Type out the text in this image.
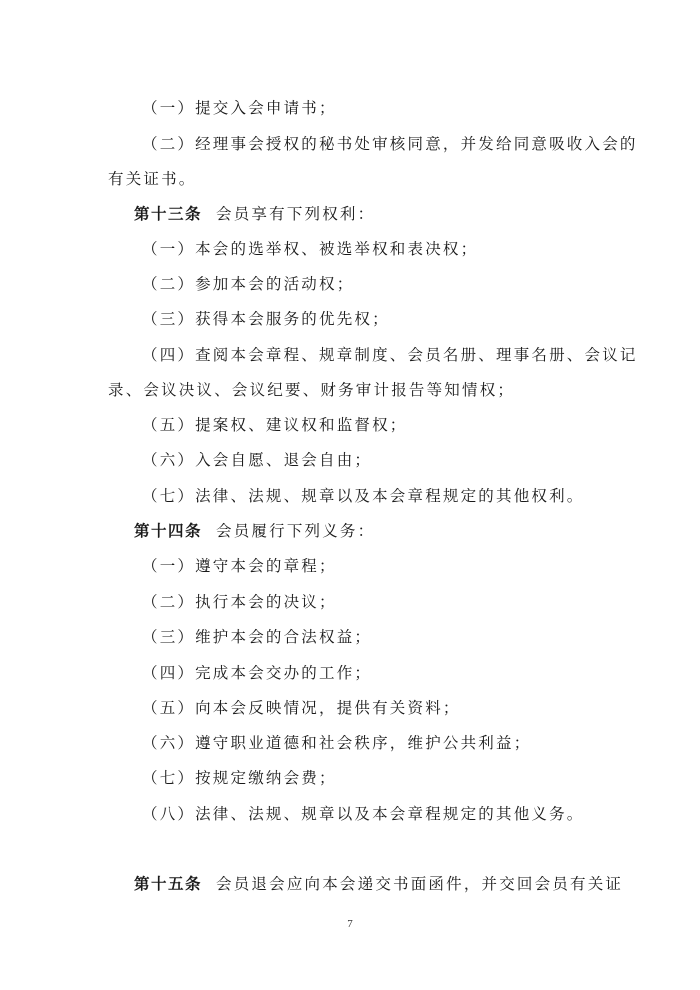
（一）提交入会申请书；
（二）经理事会授权的秘书处审核同意，并发给同意吸收入会的
有关证书。
第十三条 会员享有下列权利：
（一）本会的选举权、被选举权和表决权；
（二）参加本会的活动权；
（三）获得本会服务的优先权；
（四）查阅本会章程、规章制度、会员名册、理事名册、会议记
录、会议决议、会议纪要、财务审计报告等知情权；
（五）提案权、建议权和监督权；
（六）入会自愿、退会自由；
（七）法律、法规、规章以及本会章程规定的其他权利。
第十四条 会员履行下列义务：
（一）遵守本会的章程；
（二）执行本会的决议；
（三）维护本会的合法权益；
（四）完成本会交办的工作；
（五）向本会反映情况，提供有关资料；
（六）遵守职业道德和社会秩序，维护公共利益；
（七）按规定缴纳会费；
（八）法律、法规、规章以及本会章程规定的其他义务。
第十五条 会员退会应向本会递交书面函件，并交回会员有关证
7
